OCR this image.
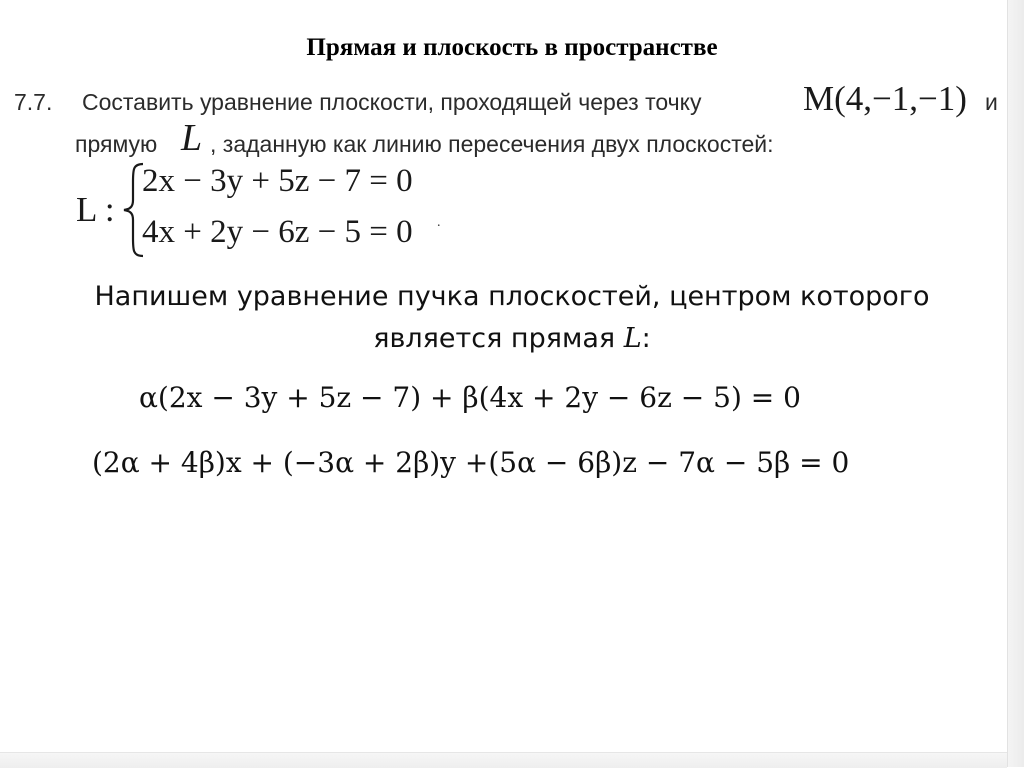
Прямая и плоскость в пространстве
7.7. Составить уравнение плоскости, проходящей через точку	M(4,−1,−1) и
прямую L , заданную как линию пересечения двух плоскостей:
L :
2x − 3y + 5z − 7 = 0
4x + 2y − 6z − 5 = 0 .
Напишем уравнение пучка плоскостей, центром которого
является прямая L:
α(2x − 3y + 5z − 7) + β(4x + 2y − 6z − 5) = 0
(2α + 4β)x + (−3α + 2β)y +(5α − 6β)z − 7α − 5β = 0
